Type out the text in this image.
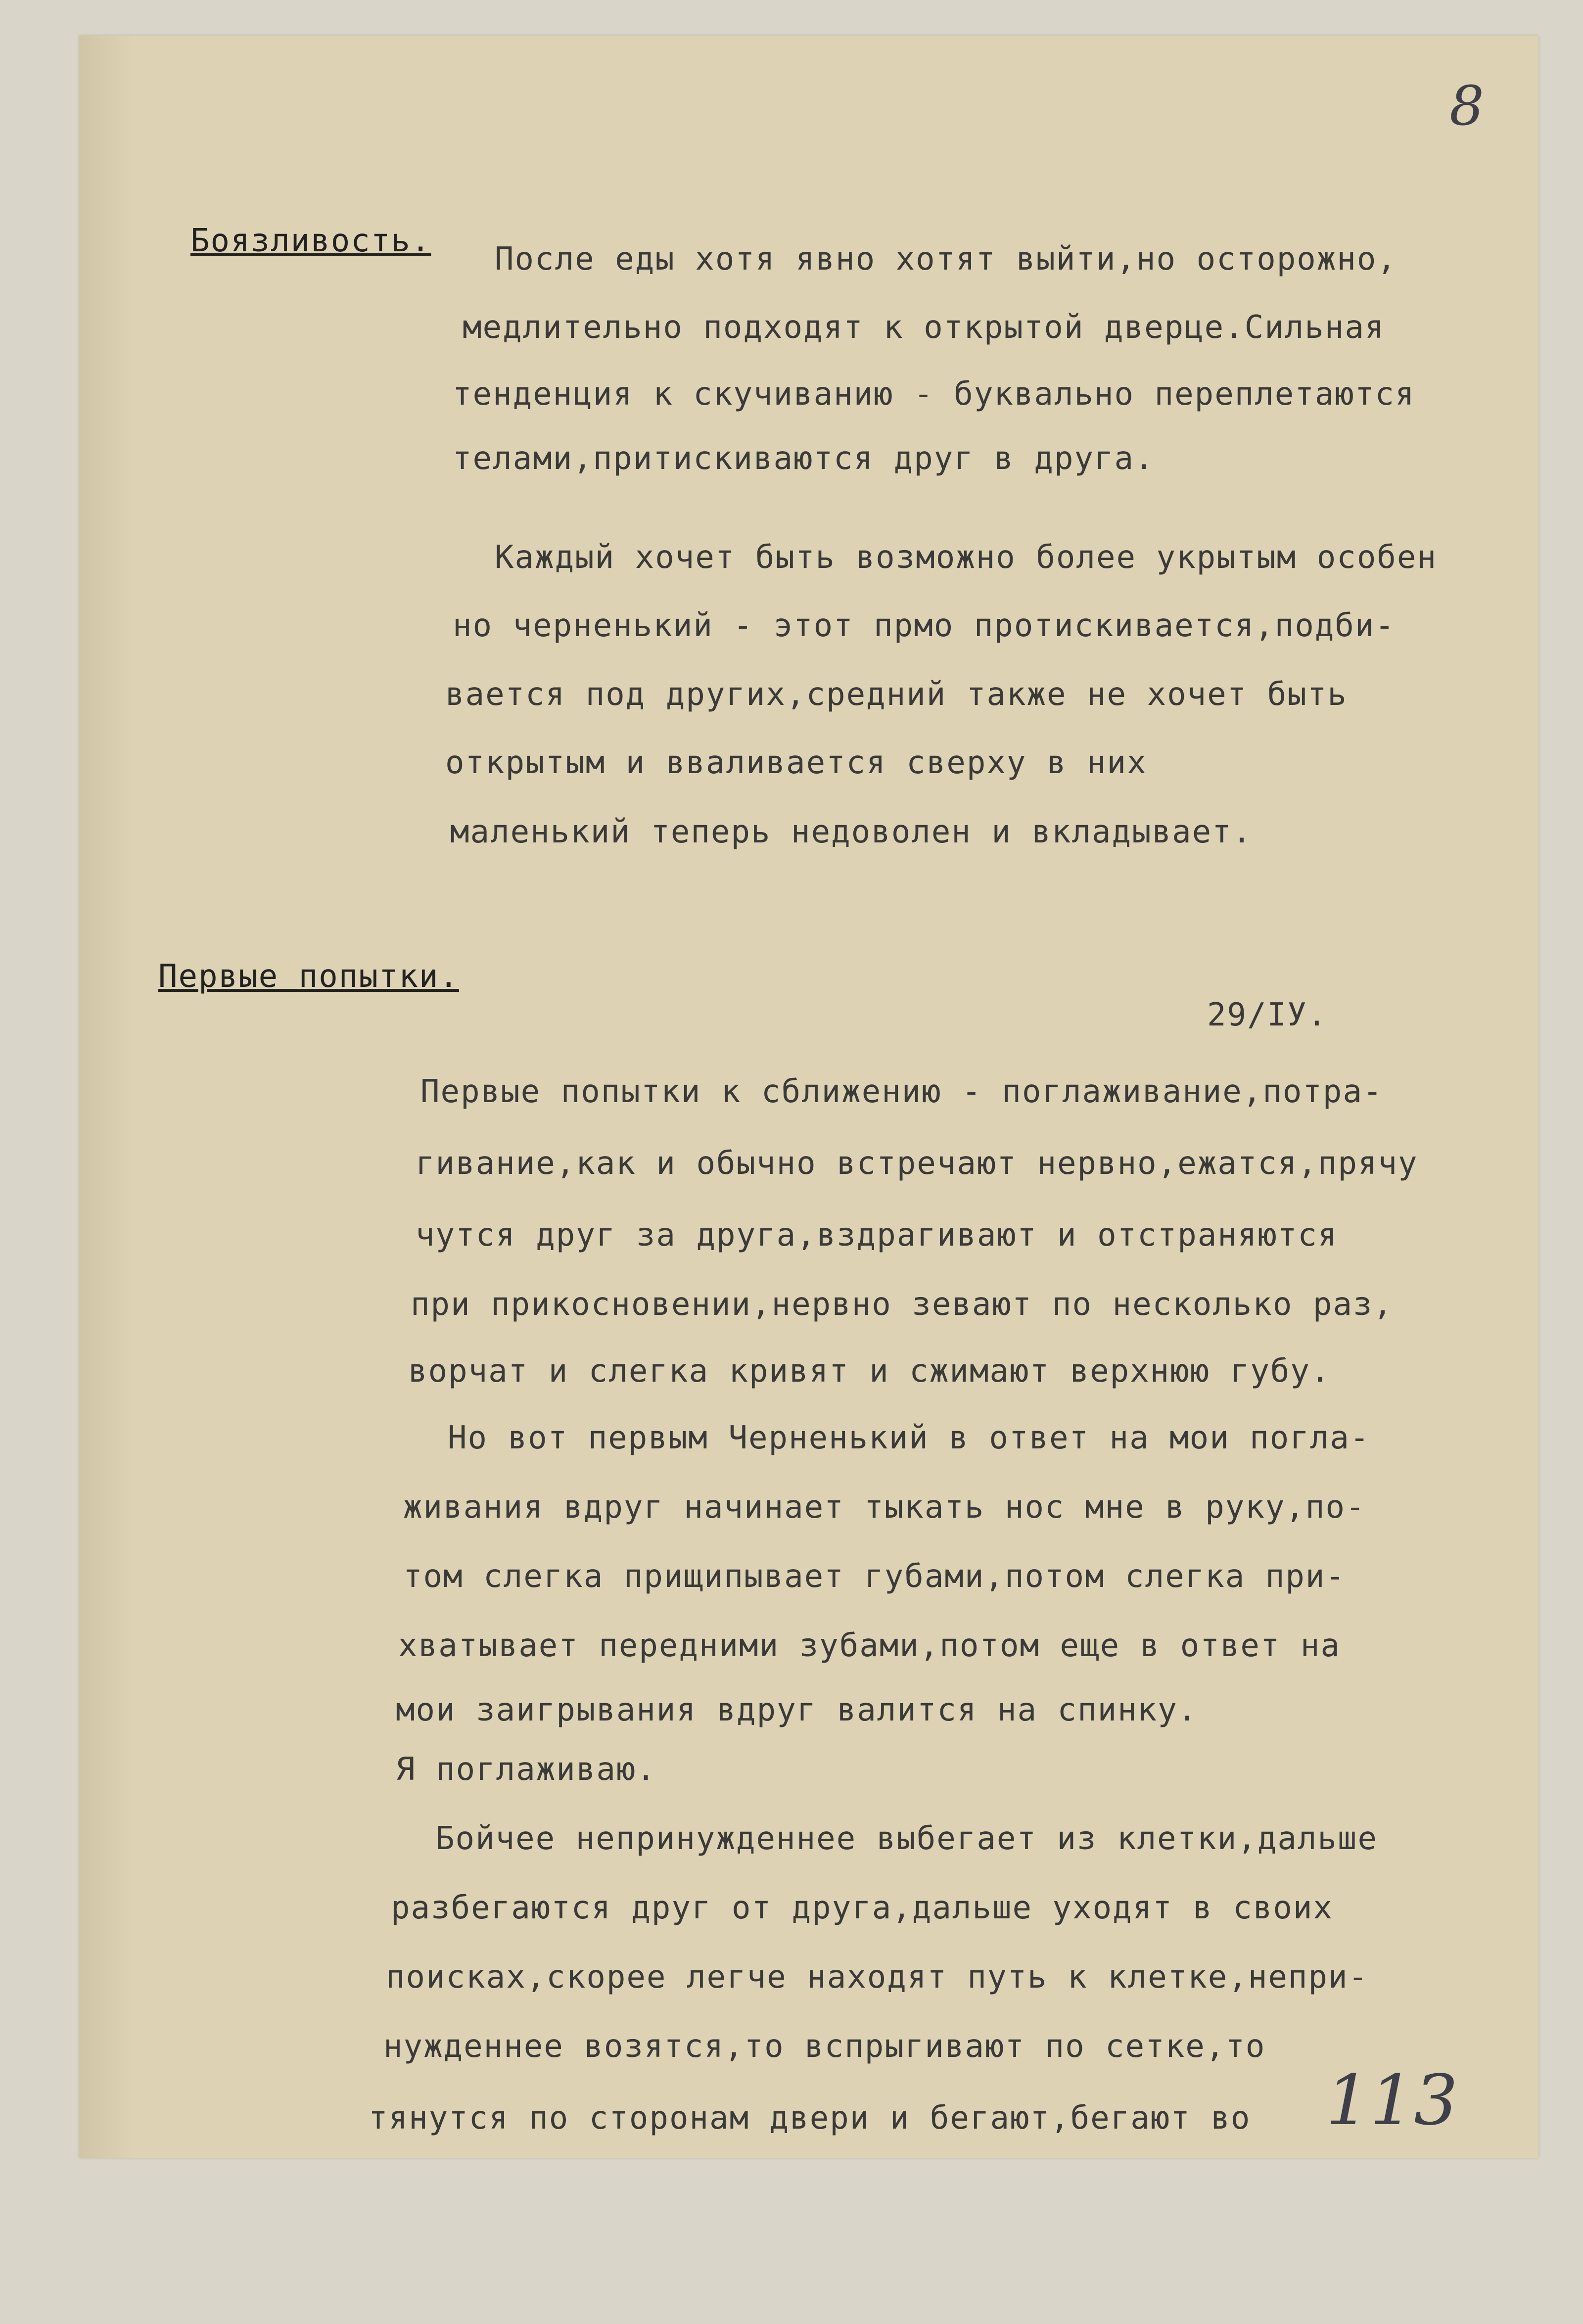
8
Боязливость. После еды хотя явно хотят выйти,но осторожно,
медлительно подходят к открытой дверце.Сильная
тенденция к скучиванию - буквально переплетаются
телами,притискиваются друг в друга.
Каждый хочет быть возможно более укрытым особен
но черненький - этот прмо протискивается,подби-
вается под других,средний также не хочет быть
открытым и вваливается сверху в них
маленький теперь недоволен и вкладывает.
Первые попытки.
29/IУ.
Первые попытки к сближению - поглаживание,потра-
гивание,как и обычно встречают нервно,ежатся,прячу
чутся друг за друга,вздрагивают и отстраняются
при прикосновении,нервно зевают по несколько раз,
ворчат и слегка кривят и сжимают верхнюю губу.
Но вот первым Черненький в ответ на мои погла-
живания вдруг начинает тыкать нос мне в руку,по-
том слегка прищипывает губами,потом слегка при-
хватывает передними зубами,потом еще в ответ на
мои заигрывания вдруг валится на спинку.
Я поглаживаю.
Бойчее непринужденнее выбегает из клетки,дальше
разбегаются друг от друга,дальше уходят в своих
поисках,скорее легче находят путь к клетке,непри-
нужденнее возятся,то вспрыгивают по сетке,то
тянутся по сторонам двери и бегают,бегают во 113
